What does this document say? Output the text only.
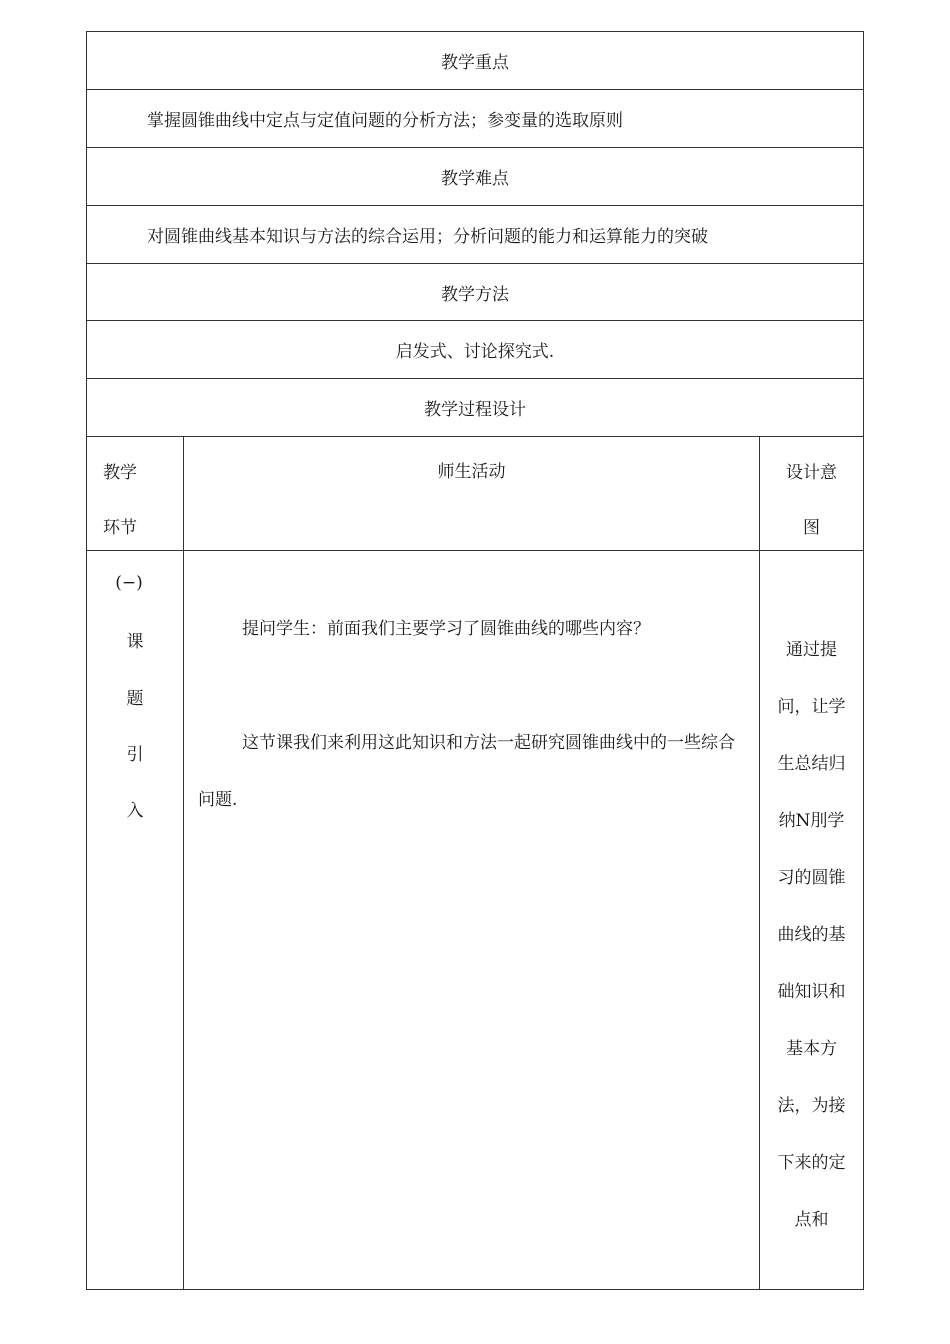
教学重点
掌握圆锥曲线中定点与定值问题的分析方法；参变量的选取原则
教学难点
对圆锥曲线基本知识与方法的综合运用；分析问题的能力和运算能力的突破
教学方法
启发式、讨论探究式.
教学过程设计
教学
环节
师生活动	设计意
图
(−)
课
题
引
入
提问学生：前面我们主要学习了圆锥曲线的哪些内容？
这节课我们来利用这此知识和方法一起研究圆锥曲线中的一些综合问题.
通过提
问，让学
生总结归
纳N刖学
习的圆锥
曲线的基
础知识和
基本方
法，为接
下来的定
点和
